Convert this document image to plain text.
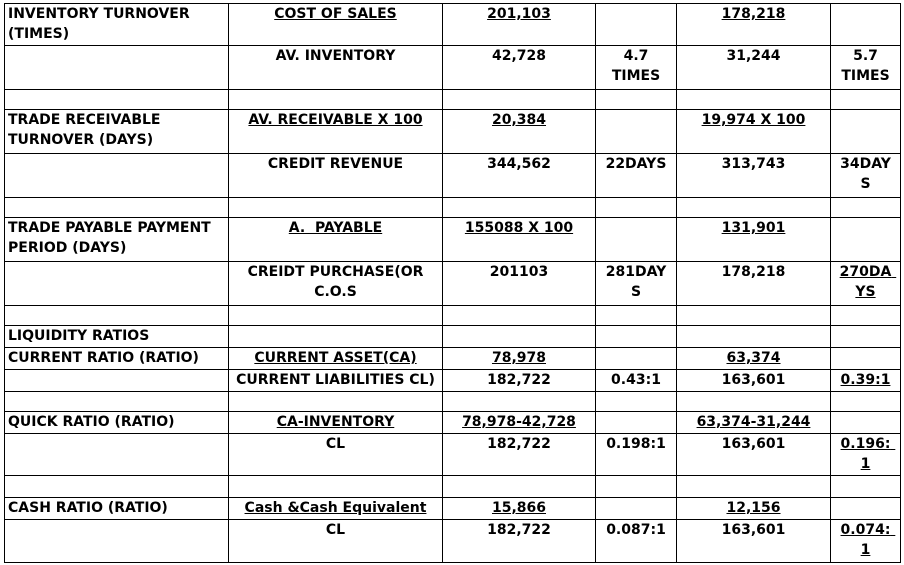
INVENTORY TURNOVER (TIMES)	COST OF SALES	201,103		178,218	
	AV. INVENTORY	42,728	4.7 TIMES	31,244	5.7 TIMES

TRADE RECEIVABLE TURNOVER (DAYS)	AV. RECEIVABLE X 100	20,384		19,974 X 100	
	CREDIT REVENUE	344,562	22DAYS	313,743	34DAY S

TRADE PAYABLE PAYMENT PERIOD (DAYS)	A.  PAYABLE	155088 X 100		131,901	
	CREIDT PURCHASE(OR C.O.S	201103	281DAY S	178,218	270DA YS

LIQUIDITY RATIOS					
CURRENT RATIO (RATIO)	CURRENT ASSET(CA)	78,978		63,374	
	CURRENT LIABILITIES CL)	182,722	0.43:1	163,601	0.39:1

QUICK RATIO (RATIO)	CA-INVENTORY	78,978-42,728		63,374-31,244	
	CL	182,722	0.198:1	163,601	0.196: 1

CASH RATIO (RATIO)	Cash &Cash Equivalent	15,866		12,156	
	CL	182,722	0.087:1	163,601	0.074: 1
